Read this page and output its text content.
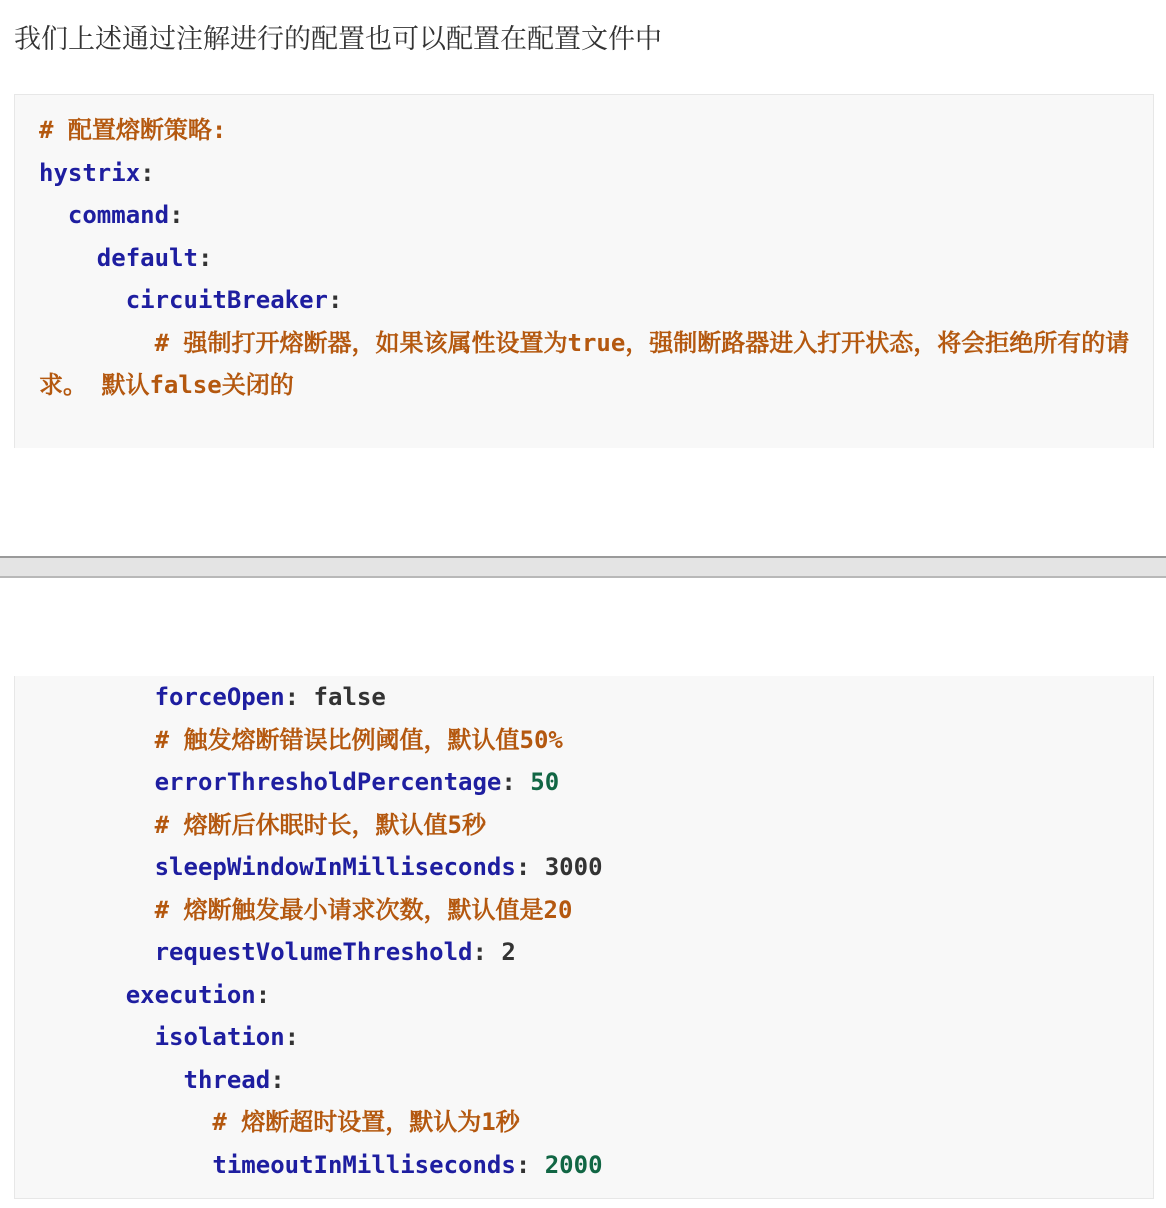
我们上述通过注解进行的配置也可以配置在配置文件中
# 配置熔断策略:
hystrix:
command:
default:
circuitBreaker:
# 强制打开熔断器，如果该属性设置为true，强制断路器进入打开状态，将会拒绝所有的请求。 默认false关闭的
forceOpen: false
# 触发熔断错误比例阈值，默认值50%
errorThresholdPercentage: 50
# 熔断后休眠时长，默认值5秒
sleepWindowInMilliseconds: 3000
# 熔断触发最小请求次数，默认值是20
requestVolumeThreshold: 2
execution:
isolation:
thread:
# 熔断超时设置，默认为1秒
timeoutInMilliseconds: 2000
